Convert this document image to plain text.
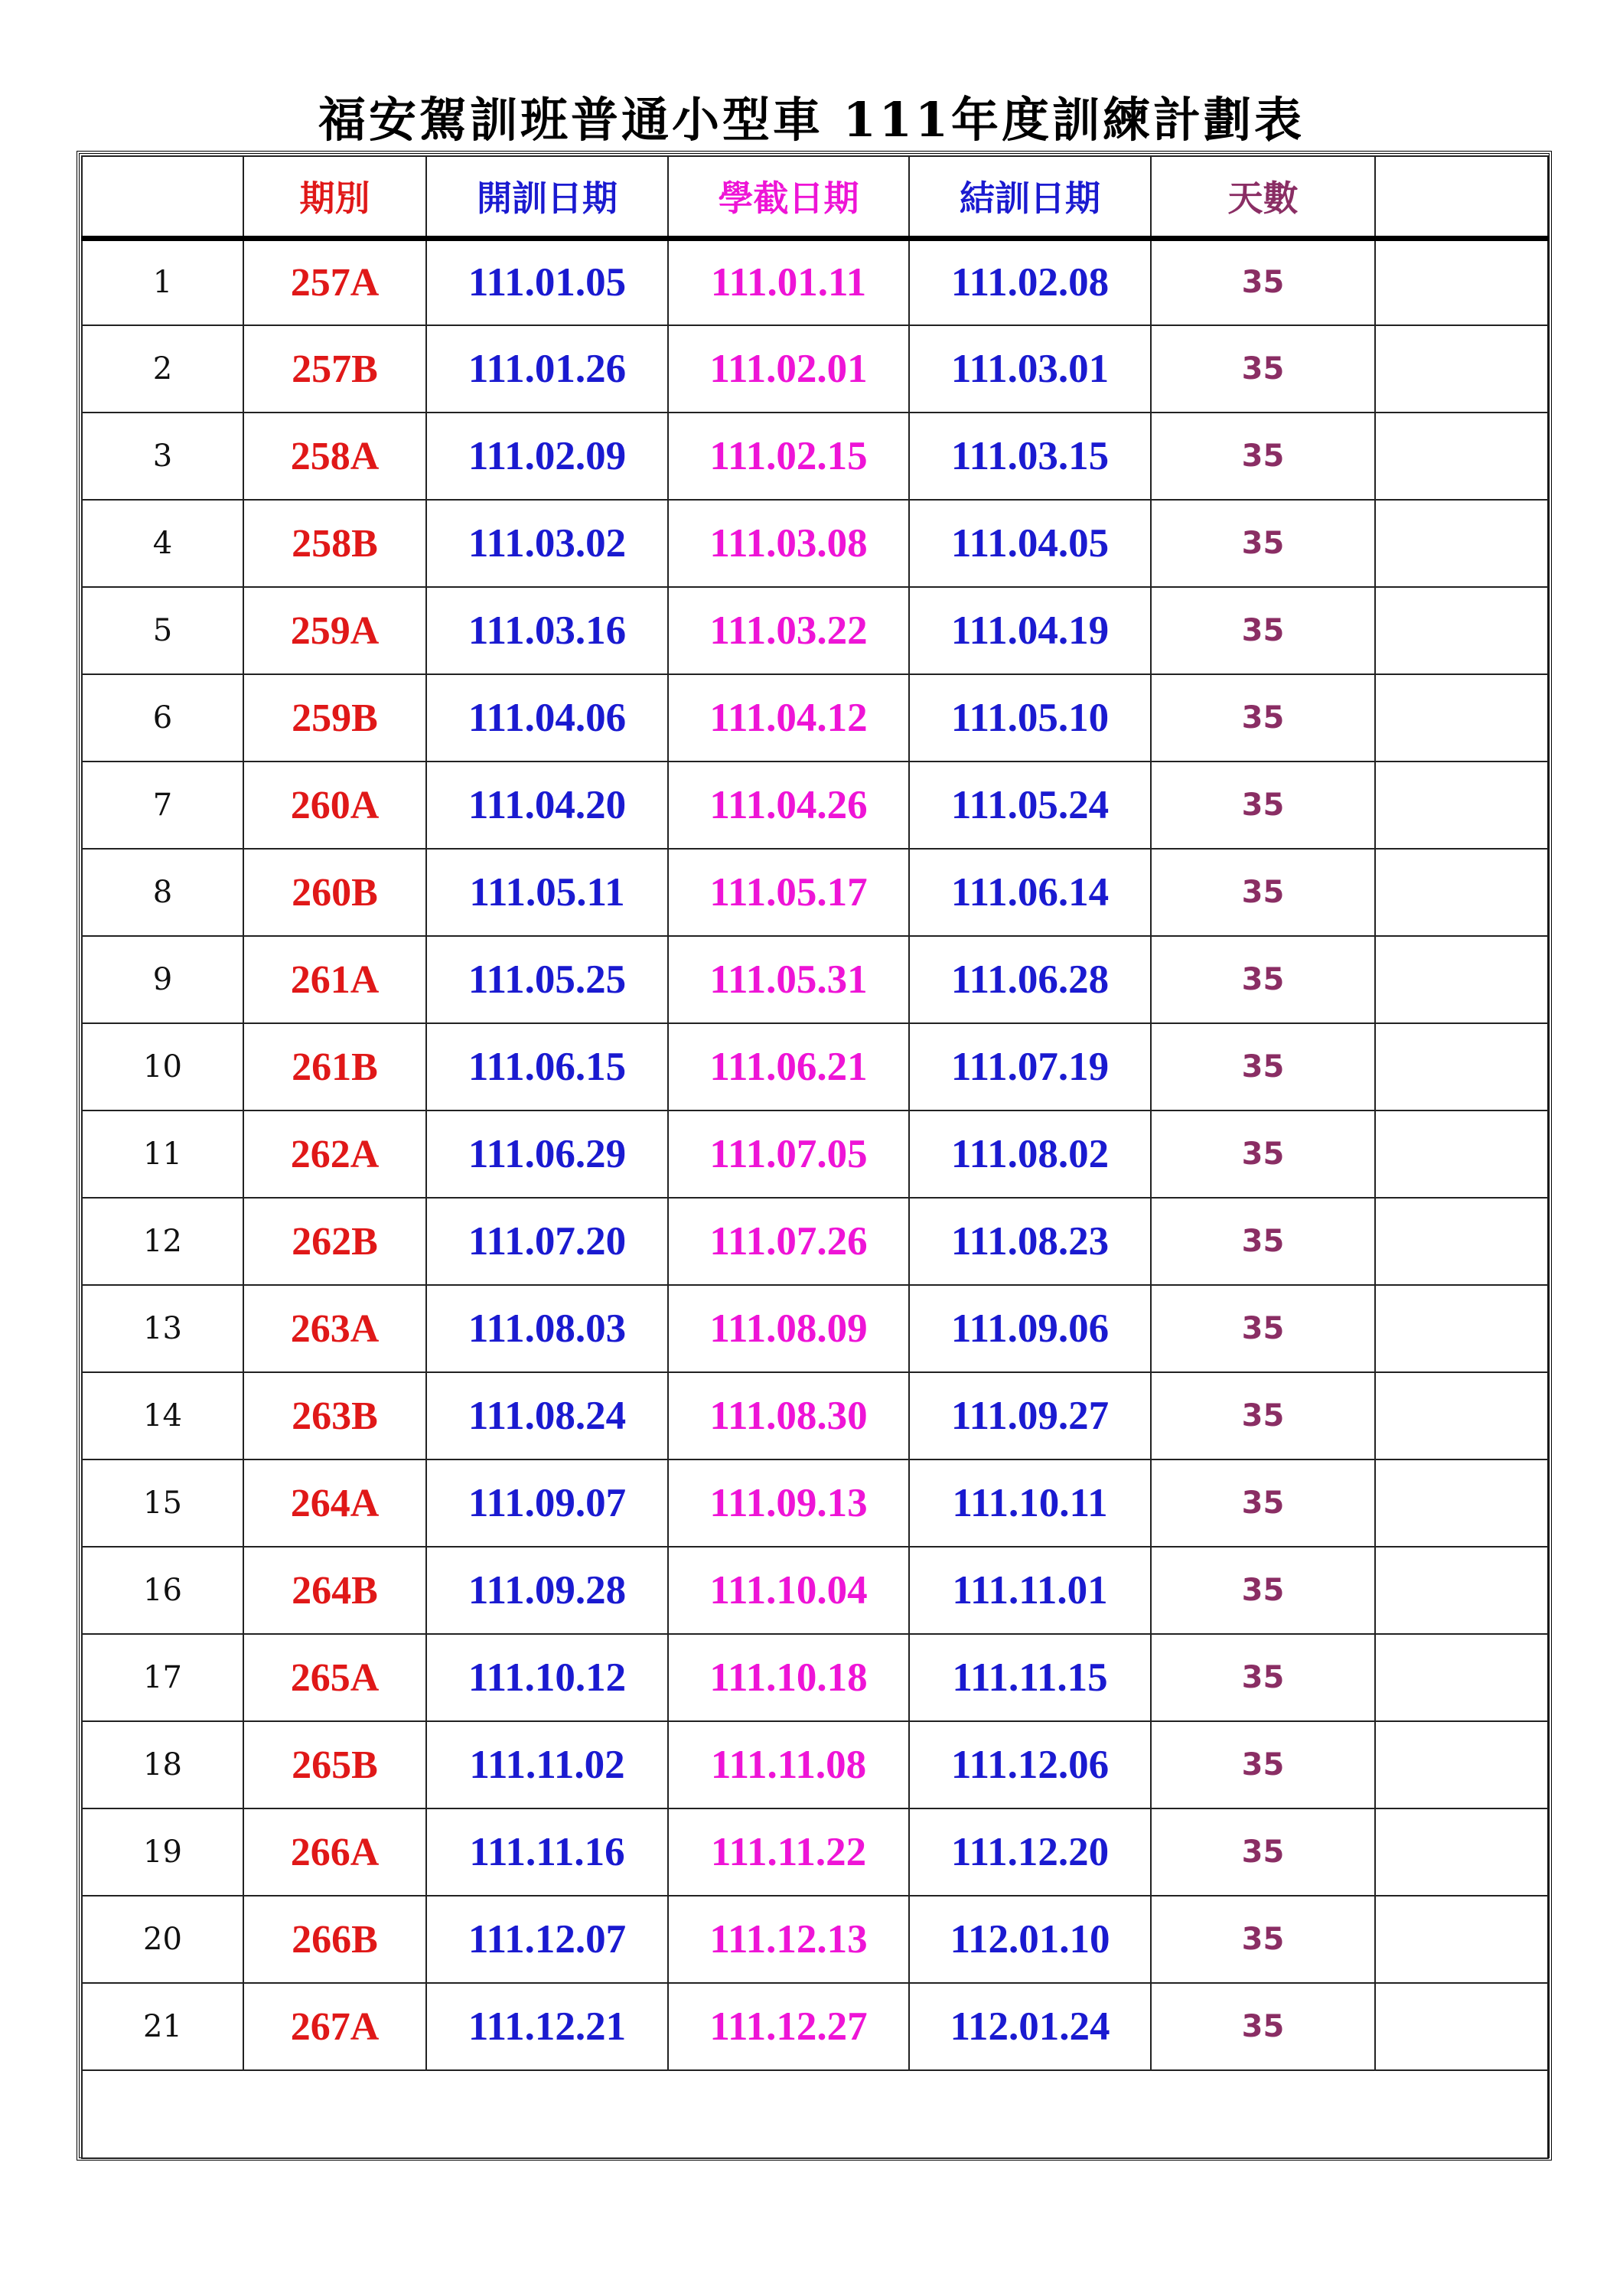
福安駕訓班普通小型車 111年度訓練計劃表
	期別	開訓日期	學截日期	結訓日期	天數	
1	257A	111.01.05	111.01.11	111.02.08	35	
2	257B	111.01.26	111.02.01	111.03.01	35	
3	258A	111.02.09	111.02.15	111.03.15	35	
4	258B	111.03.02	111.03.08	111.04.05	35	
5	259A	111.03.16	111.03.22	111.04.19	35	
6	259B	111.04.06	111.04.12	111.05.10	35	
7	260A	111.04.20	111.04.26	111.05.24	35	
8	260B	111.05.11	111.05.17	111.06.14	35	
9	261A	111.05.25	111.05.31	111.06.28	35	
10	261B	111.06.15	111.06.21	111.07.19	35	
11	262A	111.06.29	111.07.05	111.08.02	35	
12	262B	111.07.20	111.07.26	111.08.23	35	
13	263A	111.08.03	111.08.09	111.09.06	35	
14	263B	111.08.24	111.08.30	111.09.27	35	
15	264A	111.09.07	111.09.13	111.10.11	35	
16	264B	111.09.28	111.10.04	111.11.01	35	
17	265A	111.10.12	111.10.18	111.11.15	35	
18	265B	111.11.02	111.11.08	111.12.06	35	
19	266A	111.11.16	111.11.22	111.12.20	35	
20	266B	111.12.07	111.12.13	112.01.10	35	
21	267A	111.12.21	111.12.27	112.01.24	35	
